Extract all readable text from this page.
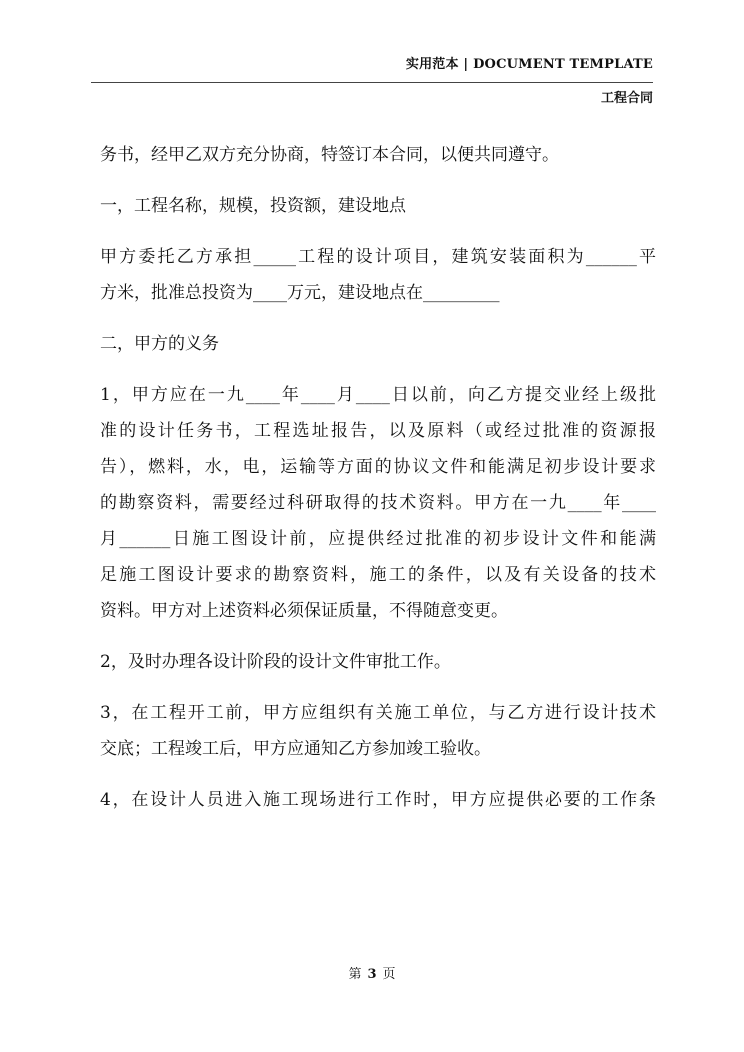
实用范本 | DOCUMENT TEMPLATE
工程合同
务书，经甲乙双方充分协商，特签订本合同，以便共同遵守。
一，工程名称，规模，投资额，建设地点
甲方委托乙方承担_____工程的设计项目，建筑安装面积为______平
方米，批准总投资为____万元，建设地点在_________
二，甲方的义务
1，甲方应在一九____年____月____日以前，向乙方提交业经上级批
准的设计任务书，工程选址报告，以及原料（或经过批准的资源报
告），燃料，水，电，运输等方面的协议文件和能满足初步设计要求
的勘察资料，需要经过科研取得的技术资料。甲方在一九____年____
月______日施工图设计前，应提供经过批准的初步设计文件和能满
足施工图设计要求的勘察资料，施工的条件，以及有关设备的技术
资料。甲方对上述资料必须保证质量，不得随意变更。
2，及时办理各设计阶段的设计文件审批工作。
3，在工程开工前，甲方应组织有关施工单位，与乙方进行设计技术
交底；工程竣工后，甲方应通知乙方参加竣工验收。
4，在设计人员进入施工现场进行工作时，甲方应提供必要的工作条
第 3 页
